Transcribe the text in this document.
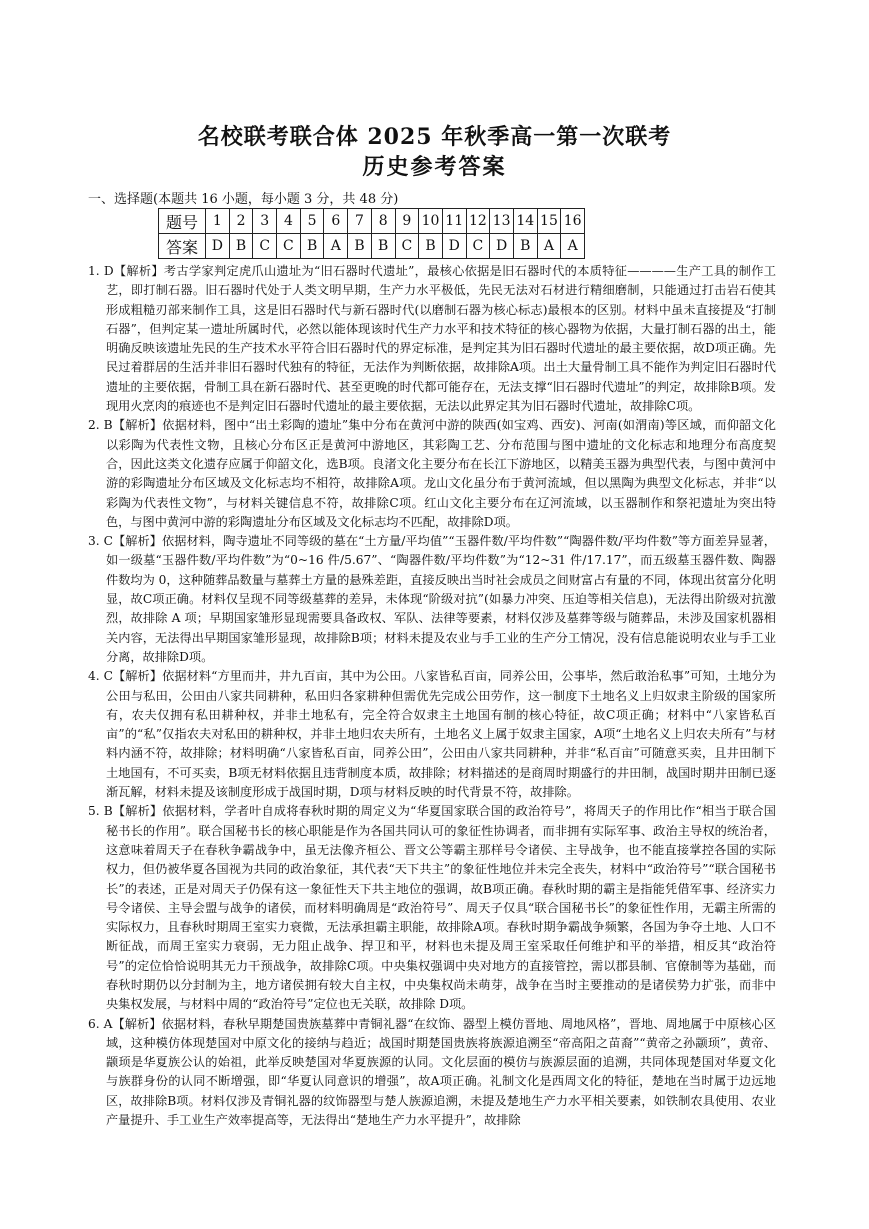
名校联考联合体 2025 年秋季高一第一次联考
历史参考答案
一、选择题(本题共 16 小题，每小题 3 分，共 48 分)
题号	1	2	3	4	5	6	7	8	9	10	11	12	13	14	15	16
答案	D	B	C	C	B	A	B	B	C	B	D	C	D	B	A	A
1. D【解析】考古学家判定虎爪山遗址为“旧石器时代遗址”，最核心依据是旧石器时代的本质特征————生产工具的制作工艺，即打制石器。旧石器时代处于人类文明早期，生产力水平极低，先民无法对石材进行精细磨制，只能通过打击岩石使其形成粗糙刃部来制作工具，这是旧石器时代与新石器时代(以磨制石器为核心标志)最根本的区别。材料中虽未直接提及“打制石器”，但判定某一遗址所属时代，必然以能体现该时代生产力水平和技术特征的核心器物为依据，大量打制石器的出土，能明确反映该遗址先民的生产技术水平符合旧石器时代的界定标准，是判定其为旧石器时代遗址的最主要依据，故D项正确。先民过着群居的生活并非旧石器时代独有的特征，无法作为判断依据，故排除A项。出土大量骨制工具不能作为判定旧石器时代遗址的主要依据，骨制工具在新石器时代、甚至更晚的时代都可能存在，无法支撑“旧石器时代遗址”的判定，故排除B项。发现用火烹肉的痕迹也不是判定旧石器时代遗址的最主要依据，无法以此界定其为旧石器时代遗址，故排除C项。
2. B【解析】依据材料，图中“出土彩陶的遗址”集中分布在黄河中游的陕西(如宝鸡、西安)、河南(如渭南)等区域，而仰韶文化以彩陶为代表性文物，且核心分布区正是黄河中游地区，其彩陶工艺、分布范围与图中遗址的文化标志和地理分布高度契合，因此这类文化遗存应属于仰韶文化，选B项。良渚文化主要分布在长江下游地区，以精美玉器为典型代表，与图中黄河中游的彩陶遗址分布区域及文化标志均不相符，故排除A项。龙山文化虽分布于黄河流域，但以黑陶为典型文化标志，并非“以彩陶为代表性文物”，与材料关键信息不符，故排除C项。红山文化主要分布在辽河流域，以玉器制作和祭祀遗址为突出特色，与图中黄河中游的彩陶遗址分布区域及文化标志均不匹配，故排除D项。
3. C【解析】依据材料，陶寺遗址不同等级的墓在“土方量/平均值”“玉器件数/平均件数”“陶器件数/平均件数”等方面差异显著，如一级墓“玉器件数/平均件数”为“0~16 件/5.67”、“陶器件数/平均件数”为“12~31 件/17.17”，而五级墓玉器件数、陶器件数均为 0，这种随葬品数量与墓葬土方量的悬殊差距，直接反映出当时社会成员之间财富占有量的不同，体现出贫富分化明显，故C项正确。材料仅呈现不同等级墓葬的差异，未体现“阶级对抗”(如暴力冲突、压迫等相关信息)，无法得出阶级对抗激烈，故排除 A 项；早期国家雏形显现需要具备政权、军队、法律等要素，材料仅涉及墓葬等级与随葬品，未涉及国家机器相关内容，无法得出早期国家雏形显现，故排除B项；材料未提及农业与手工业的生产分工情况，没有信息能说明农业与手工业分离，故排除D项。
4. C【解析】依据材料“方里而井，井九百亩，其中为公田。八家皆私百亩，同养公田，公事毕，然后敢治私事”可知，土地分为公田与私田，公田由八家共同耕种，私田归各家耕种但需优先完成公田劳作，这一制度下土地名义上归奴隶主阶级的国家所有，农夫仅拥有私田耕种权，并非土地私有，完全符合奴隶主土地国有制的核心特征，故C项正确；材料中“八家皆私百亩”的“私”仅指农夫对私田的耕种权，并非土地归农夫所有，土地名义上属于奴隶主国家，A项“土地名义上归农夫所有”与材料内涵不符，故排除；材料明确“八家皆私百亩，同养公田”，公田由八家共同耕种，并非“私百亩”可随意买卖，且井田制下土地国有，不可买卖，B项无材料依据且违背制度本质，故排除；材料描述的是商周时期盛行的井田制，战国时期井田制已逐渐瓦解，材料未提及该制度形成于战国时期，D项与材料反映的时代背景不符，故排除。
5. B【解析】依据材料，学者叶自成将春秋时期的周定义为“华夏国家联合国的政治符号”，将周天子的作用比作“相当于联合国秘书长的作用”。联合国秘书长的核心职能是作为各国共同认可的象征性协调者，而非拥有实际军事、政治主导权的统治者，这意味着周天子在春秋争霸战争中，虽无法像齐桓公、晋文公等霸主那样号令诸侯、主导战争，也不能直接掌控各国的实际权力，但仍被华夏各国视为共同的政治象征，其代表“天下共主”的象征性地位并未完全丧失，材料中“政治符号”“联合国秘书长”的表述，正是对周天子仍保有这一象征性天下共主地位的强调，故B项正确。春秋时期的霸主是指能凭借军事、经济实力号令诸侯、主导会盟与战争的诸侯，而材料明确周是“政治符号”、周天子仅具“联合国秘书长”的象征性作用，无霸主所需的实际权力，且春秋时期周王室实力衰微，无法承担霸主职能，故排除A项。春秋时期争霸战争频繁，各国为争夺土地、人口不断征战，而周王室实力衰弱，无力阻止战争、捍卫和平，材料也未提及周王室采取任何维护和平的举措，相反其“政治符号”的定位恰恰说明其无力干预战争，故排除C项。中央集权强调中央对地方的直接管控，需以郡县制、官僚制等为基础，而春秋时期仍以分封制为主，地方诸侯拥有较大自主权，中央集权尚未萌芽，战争在当时主要推动的是诸侯势力扩张，而非中央集权发展，与材料中周的“政治符号”定位也无关联，故排除 D项。
6. A【解析】依据材料，春秋早期楚国贵族墓葬中青铜礼器“在纹饰、器型上模仿晋地、周地风格”，晋地、周地属于中原核心区域，这种模仿体现楚国对中原文化的接纳与趋近；战国时期楚国贵族将族源追溯至“帝高阳之苗裔”“黄帝之孙颛顼”，黄帝、颛顼是华夏族公认的始祖，此举反映楚国对华夏族源的认同。文化层面的模仿与族源层面的追溯，共同体现楚国对华夏文化与族群身份的认同不断增强，即“华夏认同意识的增强”，故A项正确。礼制文化是西周文化的特征，楚地在当时属于边远地区，故排除B项。材料仅涉及青铜礼器的纹饰器型与楚人族源追溯，未提及楚地生产力水平相关要素，如铁制农具使用、农业产量提升、手工业生产效率提高等，无法得出“楚地生产力水平提升”，故排除
